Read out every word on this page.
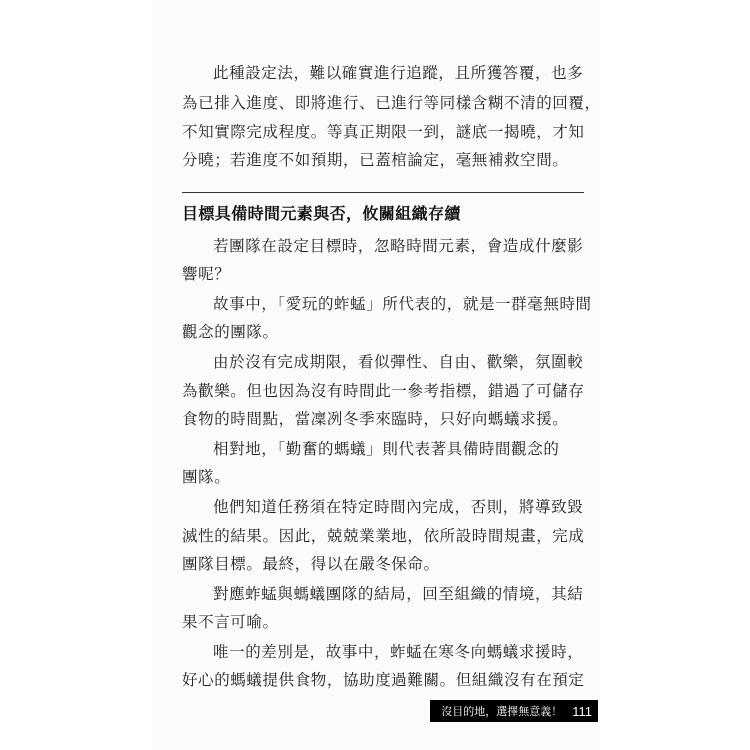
此種設定法，難以確實進行追蹤，且所獲答覆，也多
為已排入進度、即將進行、已進行等同樣含糊不清的回覆，
不知實際完成程度。等真正期限一到，謎底一揭曉，才知
分曉；若進度不如預期，已蓋棺論定，毫無補救空間。
目標具備時間元素與否，攸關組織存續
若團隊在設定目標時，忽略時間元素，會造成什麼影
響呢？
故事中，「愛玩的蚱蜢」所代表的，就是一群毫無時間
觀念的團隊。
由於沒有完成期限，看似彈性、自由、歡樂，氛圍較
為歡樂。但也因為沒有時間此一參考指標，錯過了可儲存
食物的時間點，當凜冽冬季來臨時，只好向螞蟻求援。
相對地，「勤奮的螞蟻」則代表著具備時間觀念的
團隊。
他們知道任務須在特定時間內完成，否則，將導致毀
滅性的結果。因此，兢兢業業地，依所設時間規畫，完成
團隊目標。最終，得以在嚴冬保命。
對應蚱蜢與螞蟻團隊的結局，回至組織的情境，其結
果不言可喻。
唯一的差別是，故事中，蚱蜢在寒冬向螞蟻求援時，
好心的螞蟻提供食物，協助度過難關。但組織沒有在預定
沒目的地，選擇無意義！ 111
